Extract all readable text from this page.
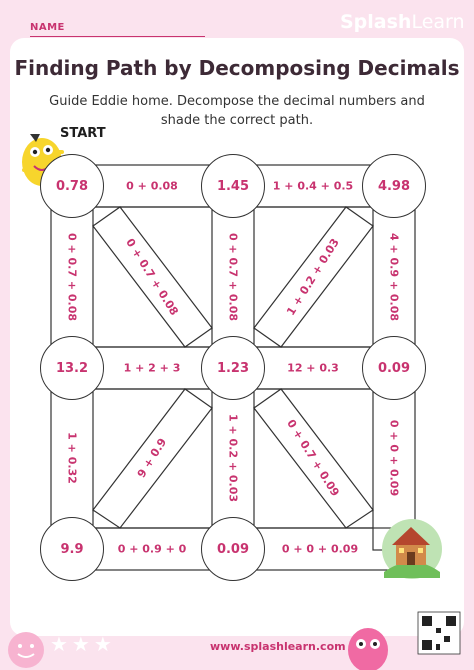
NAME	SplashLearn
Finding Path by Decomposing Decimals
Guide Eddie home. Decompose the decimal numbers and
shade the correct path.
START
0.78	1.45	4.98
13.2	1.23	0.09
9.9	0.09
0 + 0.08	1 + 0.4 + 0.5
0 + 0.7 + 0.08	0 + 0.7 + 0.08	0 + 0.7 + 0.08	1 + 0.2 + 0.03	4 + 0.9 + 0.08
1 + 2 + 3	12 + 0.3
1 + 0.32	9 + 0.9	1 + 0.2 + 0.03	0 + 0.7 + 0.09	0 + 0 + 0.09
0 + 0.9 + 0	0 + 0 + 0.09
★★★	www.splashlearn.com
